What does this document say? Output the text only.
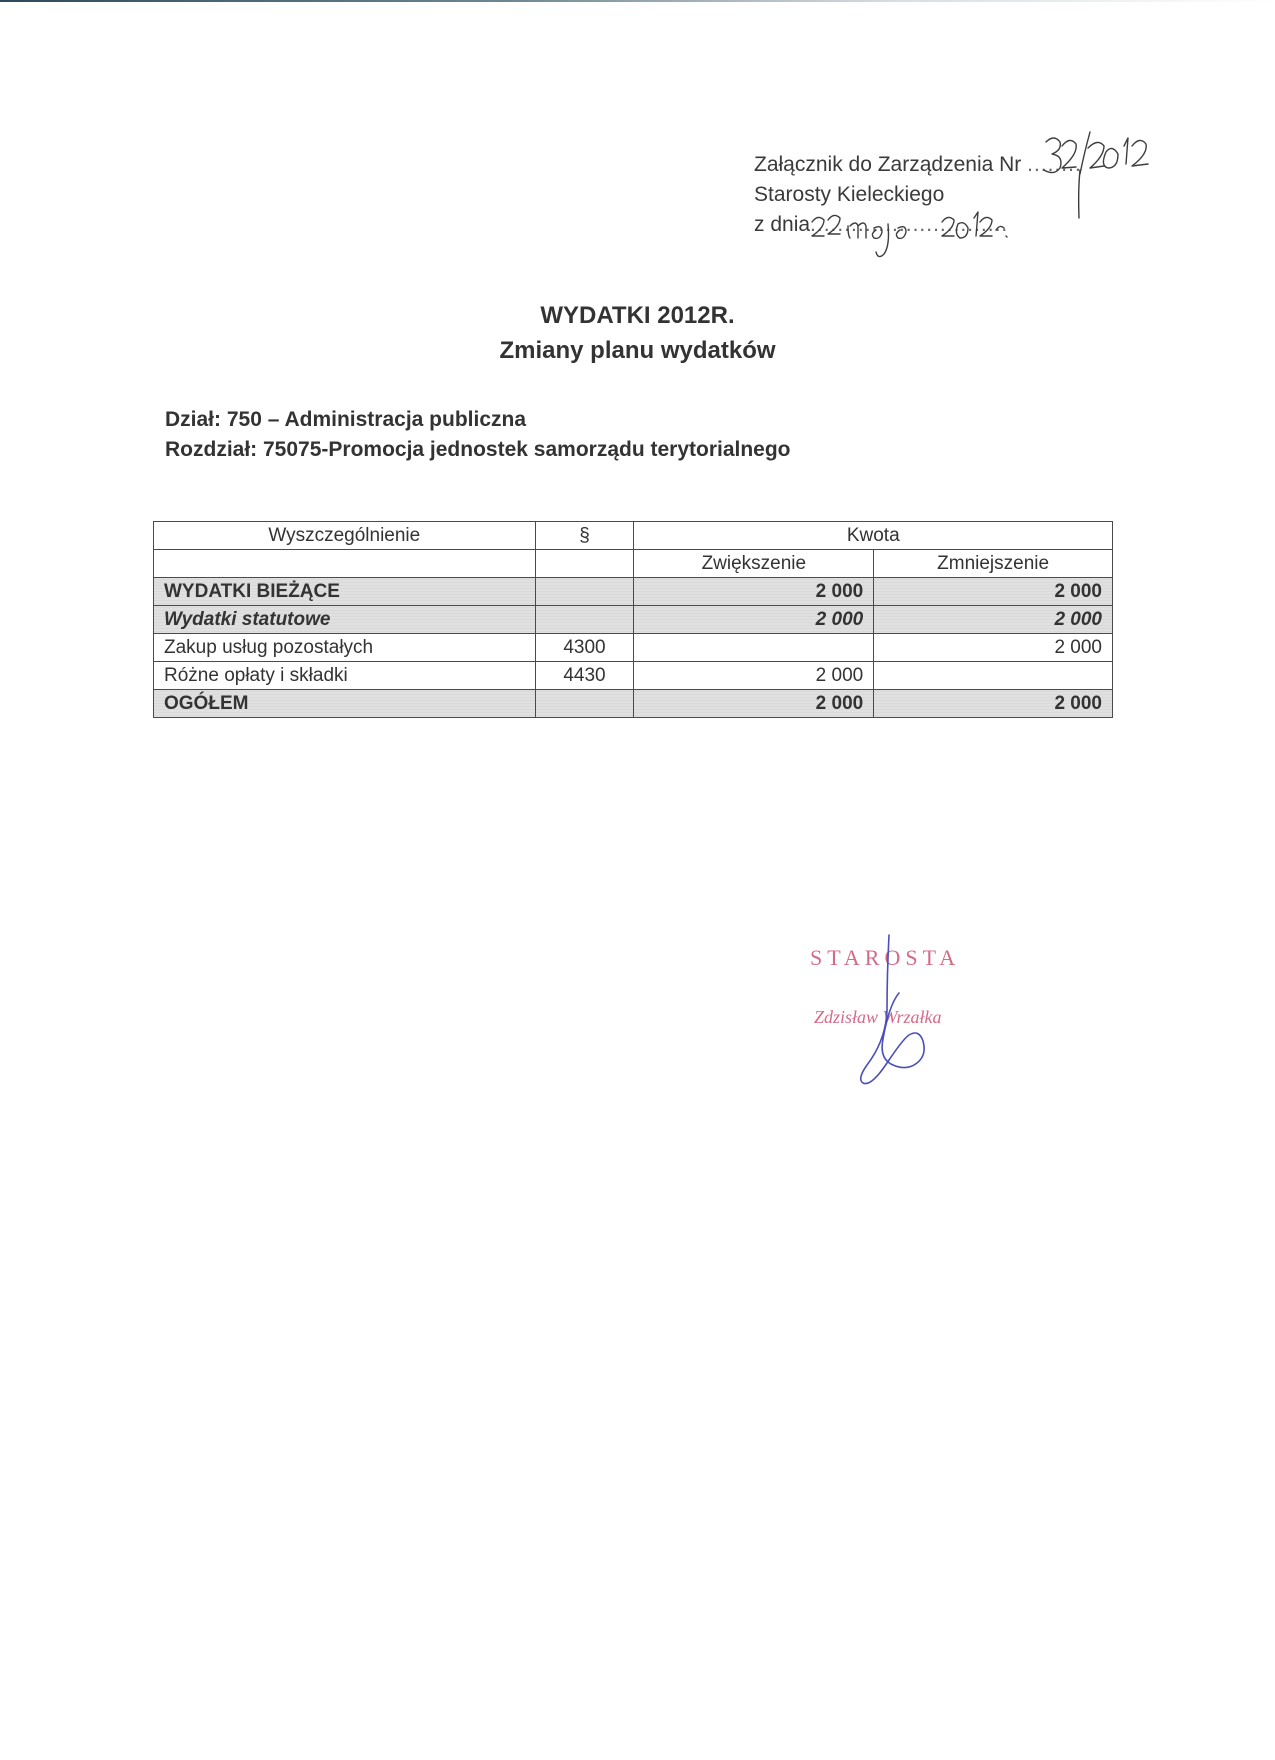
Załącznik do Zarządzenia Nr ........
Starosty Kieleckiego
z dnia.............................
WYDATKI 2012R.
Zmiany planu wydatków
Dział: 750 – Administracja publiczna
Rozdział: 75075-Promocja jednostek samorządu terytorialnego
Wyszczególnienie	§	Kwota	
		Zwiększenie	Zmniejszenie
WYDATKI BIEŻĄCE		2 000	2 000
Wydatki statutowe		2 000	2 000
Zakup usług pozostałych	4300		2 000
Różne opłaty i składki	4430	2 000	
OGÓŁEM		2 000	2 000
STAROSTA
Zdzisław Wrzałka
